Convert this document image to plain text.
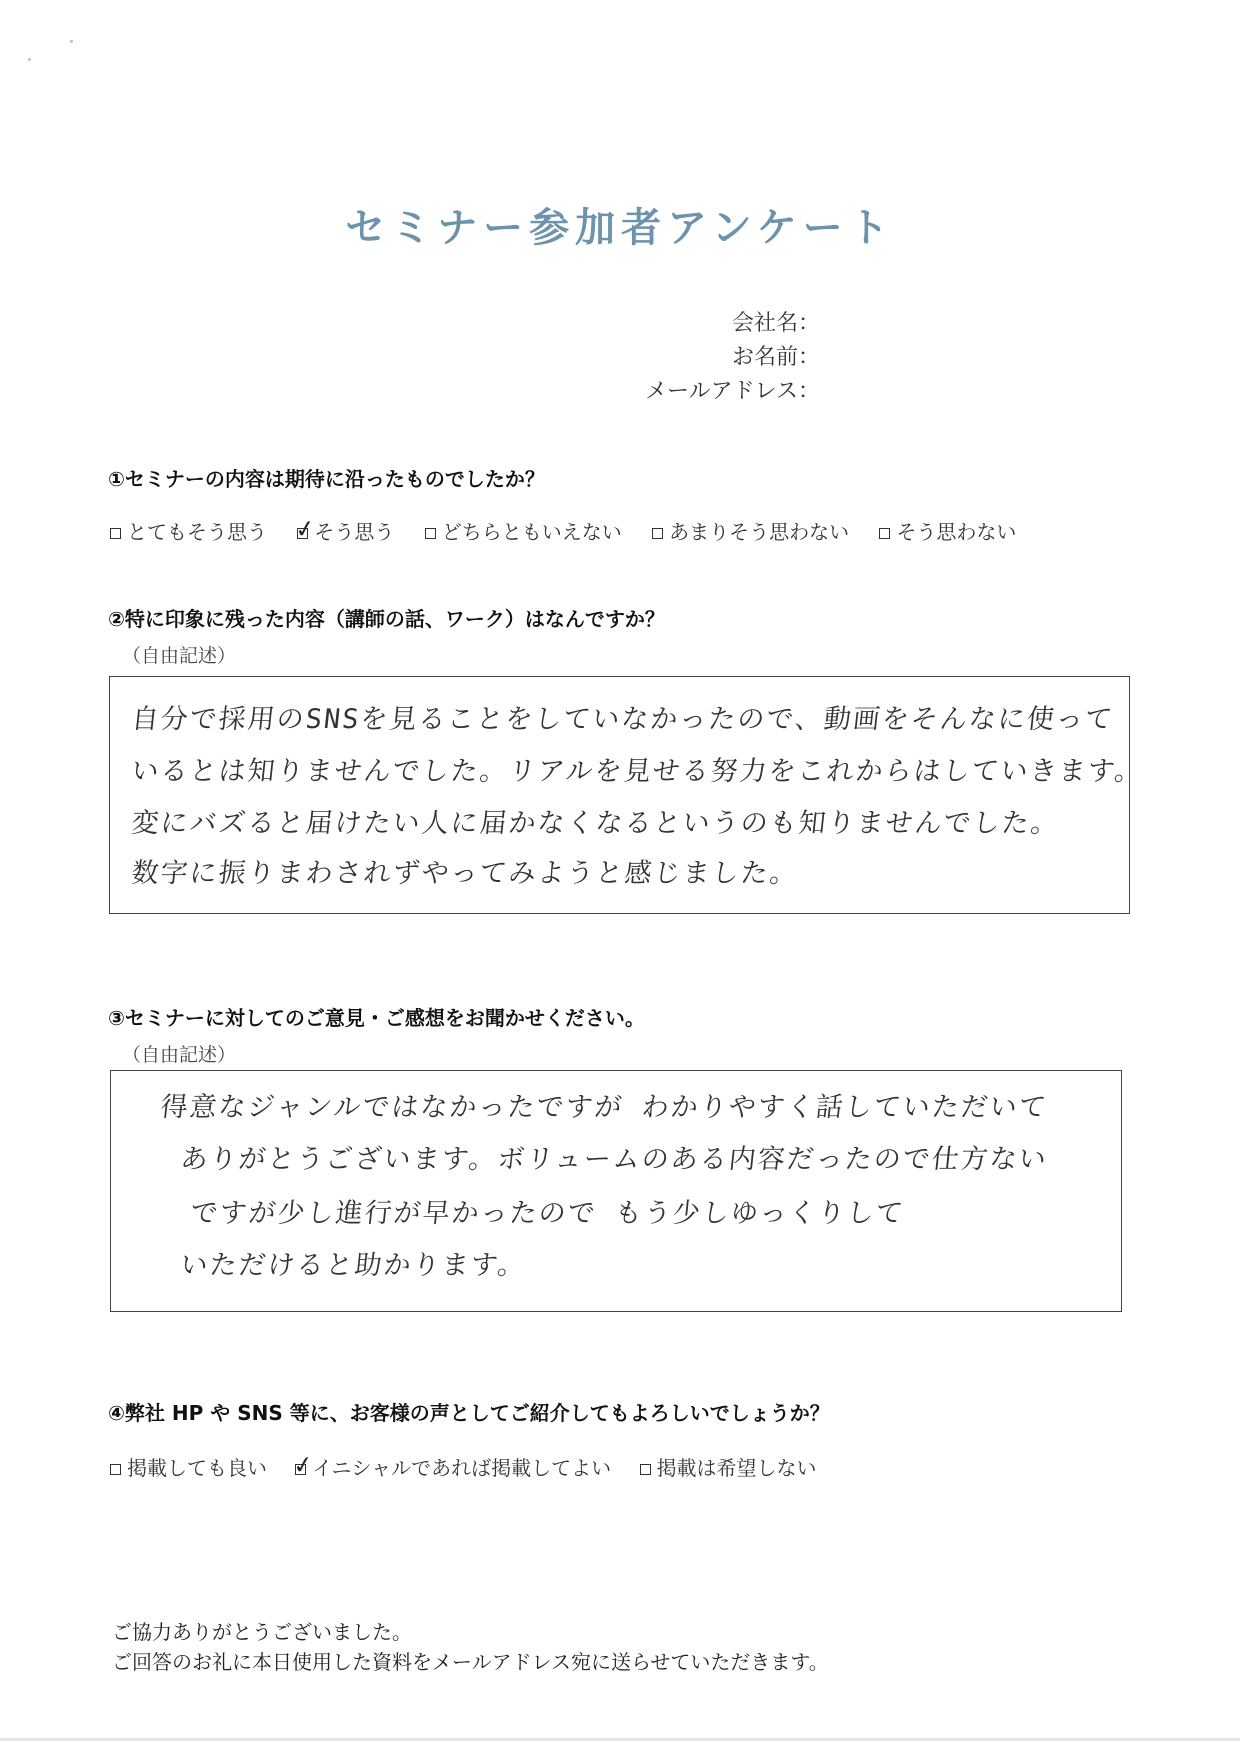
セミナー参加者アンケート
会社名：
お名前：
メールアドレス：
①セミナーの内容は期待に沿ったものでしたか？
とてもそう思う
✓
そう思う
どちらともいえない
あまりそう思わない
そう思わない
②特に印象に残った内容（講師の話、ワーク）はなんですか？
（自由記述）
自分で採用のSNSを見ることをしていなかったので、動画をそんなに使って
いるとは知りませんでした。リアルを見せる努力をこれからはしていきます。
変にバズると届けたい人に届かなくなるというのも知りませんでした。
数字に振りまわされずやってみようと感じました。
③セミナーに対してのご意見・ご感想をお聞かせください。
（自由記述）
得意なジャンルではなかったですが わかりやすく話していただいて
ありがとうございます。ボリュームのある内容だったので仕方ない
ですが少し進行が早かったので もう少しゆっくりして
いただけると助かります。
④弊社 HP や SNS 等に、お客様の声としてご紹介してもよろしいでしょうか？
掲載しても良い
✓
イニシャルであれば掲載してよい
掲載は希望しない
ご協力ありがとうございました。
ご回答のお礼に本日使用した資料をメールアドレス宛に送らせていただきます。
